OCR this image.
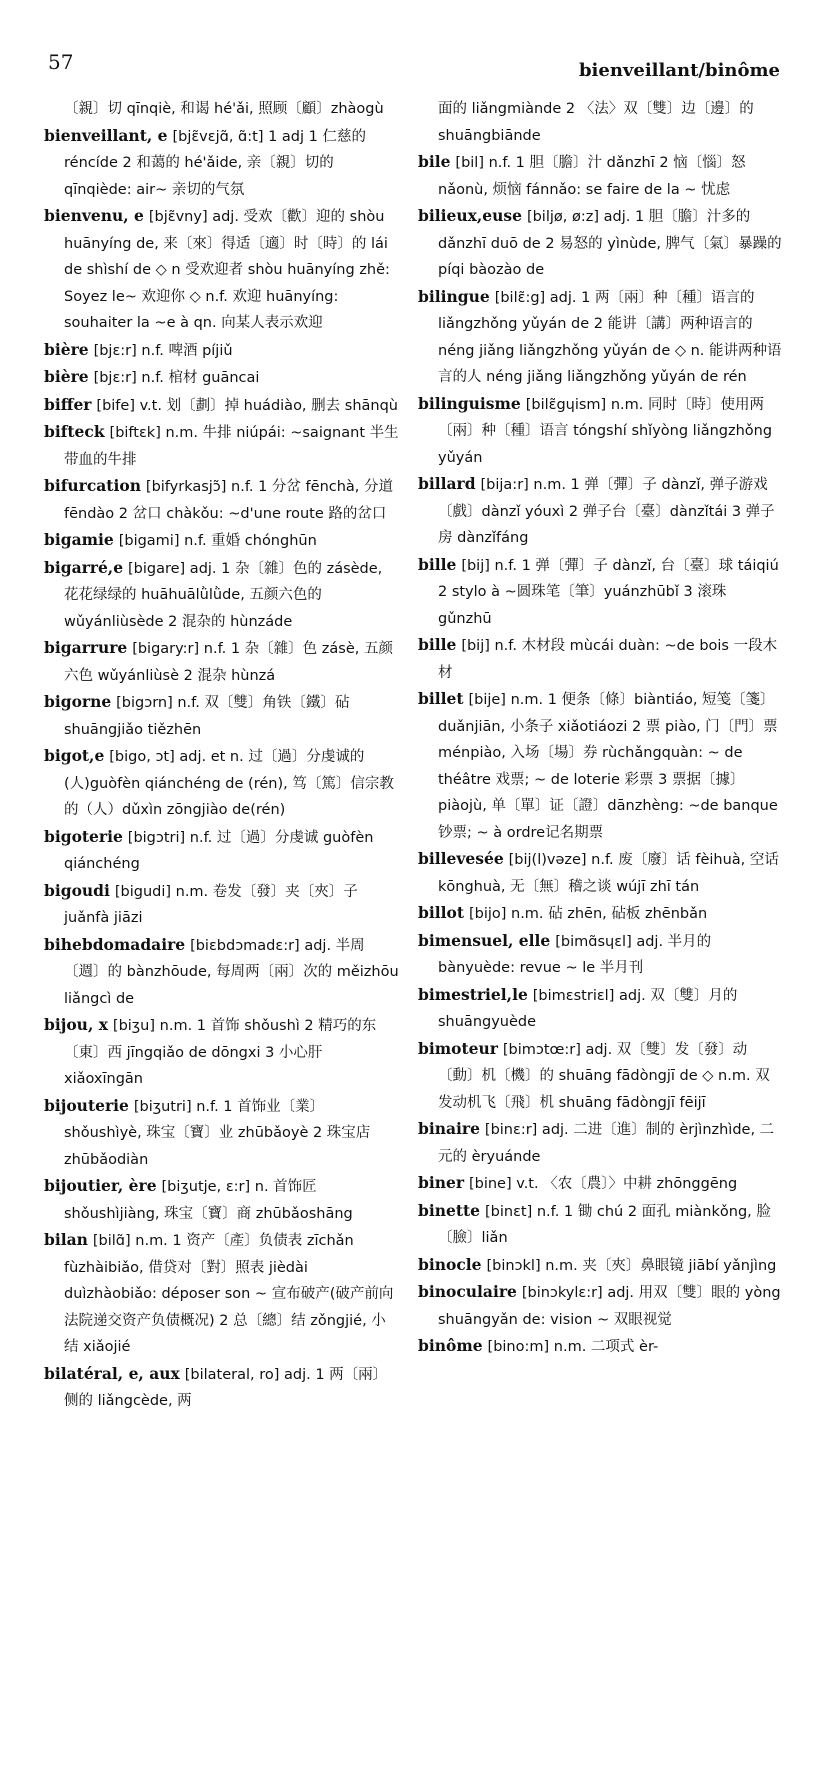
57	bienveillant/binôme

〔親〕切 qīnqiè, 和谒 hé'ǎi, 照顾〔顧〕zhàogù

bienveillant, e [bjɛ̃vɛjɑ̃, ɑ̃:t] 1 adj 1 仁慈的 réncíde 2 和蔼的 hé'ǎide, 亲〔親〕切的 qīnqiède: air~ 亲切的气氛

bienvenu, e [bjɛ̃vny] adj. 受欢〔歡〕迎的 shòu huānyíng de, 来〔來〕得适〔適〕时〔時〕的 lái de shìshí de ◇ n 受欢迎者 shòu huānyíng zhě: Soyez le~ 欢迎你 ◇ n.f. 欢迎 huānyíng: souhaiter la ~e à qn. 向某人表示欢迎

bière [bjɛ:r] n.f. 啤酒 píjiǔ

bière [bjɛ:r] n.f. 棺材 guāncai

biffer [bife] v.t. 划〔劃〕掉 huádiào, 删去 shānqù

bifteck [biftɛk] n.m. 牛排 niúpái: ~saignant 半生带血的牛排

bifurcation [bifyrkasjɔ̃] n.f. 1 分岔 fēnchà, 分道 fēndào 2 岔口 chàkǒu: ~d'une route 路的岔口

bigamie [bigami] n.f. 重婚 chónghūn

bigarré,e [bigare] adj. 1 杂〔雜〕色的 zásède, 花花绿绿的 huāhuālǜlǜde, 五颜六色的 wǔyánliùsède 2 混杂的 hùnzáde

bigarrure [bigary:r] n.f. 1 杂〔雜〕色 zásè, 五颜六色 wǔyánliùsè 2 混杂 hùnzá

bigorne [bigɔrn] n.f. 双〔雙〕角铁〔鐵〕砧 shuāngjiǎo tiězhēn

bigot,e [bigo, ɔt] adj. et n. 过〔過〕分虔诚的(人)guòfèn qiánchéng de (rén), 笃〔篤〕信宗教的（人）dǔxìn zōngjiào de(rén)

bigoterie [bigɔtri] n.f. 过〔過〕分虔诚 guòfèn qiánchéng

bigoudi [bigudi] n.m. 卷发〔發〕夹〔夾〕子 juǎnfà jiāzi

bihebdomadaire [biɛbdɔmadɛ:r] adj. 半周〔週〕的 bànzhōude, 每周两〔兩〕次的 měizhōu liǎngcì de

bijou, x [biʒu] n.m. 1 首饰 shǒushì 2 精巧的东〔東〕西 jīngqiǎo de dōngxi 3 小心肝 xiǎoxīngān

bijouterie [biʒutri] n.f. 1 首饰业〔業〕shǒushìyè, 珠宝〔寶〕业 zhūbǎoyè 2 珠宝店 zhūbǎodiàn

bijoutier, ère [biʒutje, ɛ:r] n. 首饰匠 shǒushìjiàng, 珠宝〔寶〕商 zhūbǎoshāng

bilan [bilɑ̃] n.m. 1 资产〔產〕负债表 zīchǎn fùzhàibiǎo, 借贷对〔對〕照表 jièdài duìzhàobiǎo: déposer son ~ 宣布破产(破产前向法院递交资产负债概况) 2 总〔總〕结 zǒngjié, 小结 xiǎojié

bilatéral, e, aux [bilateral, ro] adj. 1 两〔兩〕侧的 liǎngcède, 两

面的 liǎngmiànde 2 〈法〉双〔雙〕边〔邊〕的 shuāngbiānde

bile [bil] n.f. 1 胆〔膽〕汁 dǎnzhī 2 恼〔惱〕怒 nǎonù, 烦恼 fánnǎo: se faire de la ~ 忧虑

bilieux,euse [biljø, ø:z] adj. 1 胆〔膽〕汁多的 dǎnzhī duō de 2 易怒的 yìnùde, 脾气〔氣〕暴躁的 píqi bàozào de

bilingue [bilɛ̃:g] adj. 1 两〔兩〕种〔種〕语言的 liǎngzhǒng yǔyán de 2 能讲〔講〕两种语言的 néng jiǎng liǎngzhǒng yǔyán de ◇ n. 能讲两种语言的人 néng jiǎng liǎngzhǒng yǔyán de rén

bilinguisme [bilɛ̃gɥism] n.m. 同时〔時〕使用两〔兩〕种〔種〕语言 tóngshí shǐyòng liǎngzhǒng yǔyán

billard [bija:r] n.m. 1 弹〔彈〕子 dànzǐ, 弹子游戏〔戲〕dànzǐ yóuxì 2 弹子台〔臺〕dànzǐtái 3 弹子房 dànzǐfáng

bille [bij] n.f. 1 弹〔彈〕子 dànzǐ, 台〔臺〕球 táiqiú 2 stylo à ~圆珠笔〔筆〕yuánzhūbǐ 3 滚珠 gǔnzhū

bille [bij] n.f. 木材段 mùcái duàn: ~de bois 一段木材

billet [bije] n.m. 1 便条〔條〕biàntiáo, 短笺〔箋〕duǎnjiān, 小条子 xiǎotiáozi 2 票 piào, 门〔門〕票 ménpiào, 入场〔場〕券 rùchǎngquàn: ~ de théâtre 戏票; ~ de loterie 彩票 3 票据〔據〕piàojù, 单〔單〕证〔證〕dānzhèng: ~de banque 钞票; ~ à ordre记名期票

billevesée [bij(l)vəze] n.f. 废〔廢〕话 fèihuà, 空话 kōnghuà, 无〔無〕稽之谈 wújī zhī tán

billot [bijo] n.m. 砧 zhēn, 砧板 zhēnbǎn

bimensuel, elle [bimɑ̃sɥɛl] adj. 半月的 bànyuède: revue ~ le 半月刊

bimestriel,le [bimɛstriɛl] adj. 双〔雙〕月的 shuāngyuède

bimoteur [bimɔtœ:r] adj. 双〔雙〕发〔發〕动〔動〕机〔機〕的 shuāng fādòngjī de ◇ n.m. 双发动机飞〔飛〕机 shuāng fādòngjī fēijī

binaire [binɛ:r] adj. 二进〔進〕制的 èrjìnzhìde, 二元的 èryuánde

biner [bine] v.t. 〈农〔農〕〉中耕 zhōnggēng

binette [binɛt] n.f. 1 锄 chú 2 面孔 miànkǒng, 脸〔臉〕liǎn

binocle [binɔkl] n.m. 夹〔夾〕鼻眼镜 jiābí yǎnjìng

binoculaire [binɔkylɛ:r] adj. 用双〔雙〕眼的 yòng shuāngyǎn de: vision ~ 双眼视觉

binôme [bino:m] n.m. 二项式 èr-
